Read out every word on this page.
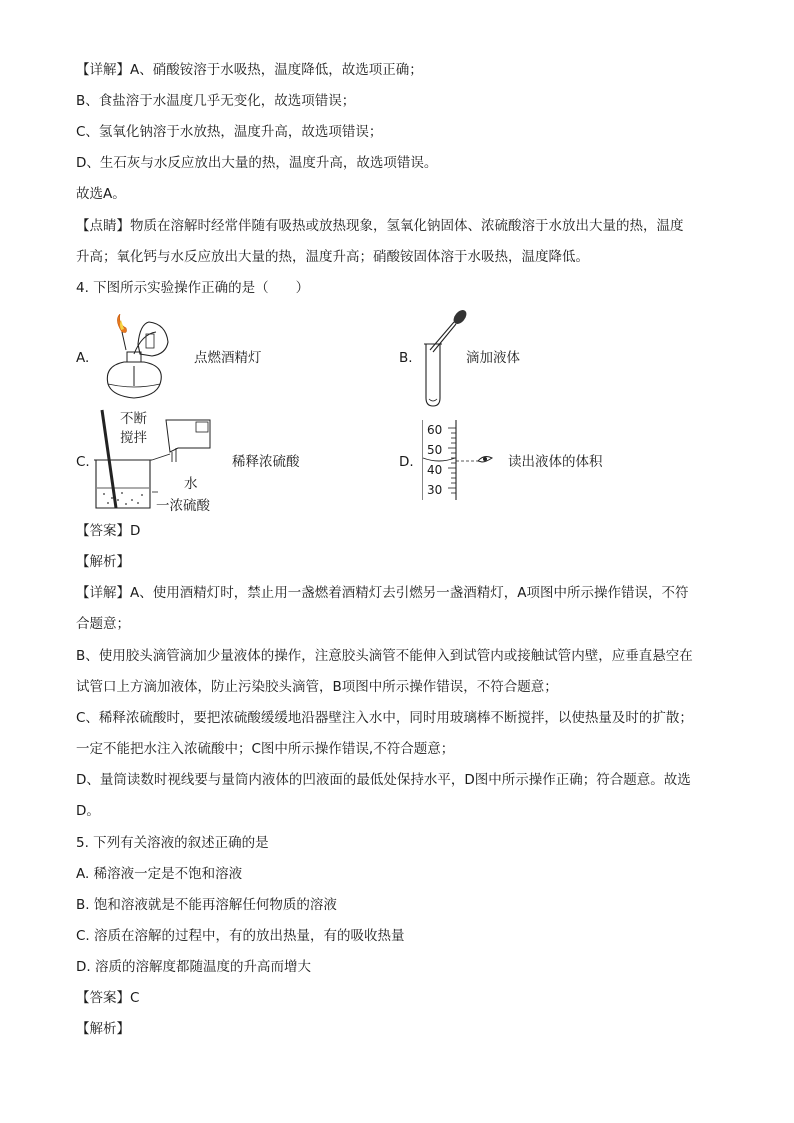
【详解】A、硝酸铵溶于水吸热，温度降低，故选项正确；
B、食盐溶于水温度几乎无变化，故选项错误；
C、氢氧化钠溶于水放热，温度升高，故选项错误；
D、生石灰与水反应放出大量的热，温度升高，故选项错误。
故选A。
【点睛】物质在溶解时经常伴随有吸热或放热现象，氢氧化钠固体、浓硫酸溶于水放出大量的热，温度
升高；氧化钙与水反应放出大量的热，温度升高；硝酸铵固体溶于水吸热，温度降低。
4. 下图所示实验操作正确的是（　　）
A.	点燃酒精灯	B.	滴加液体
C.
不断
搅拌
水
一浓硫酸
稀释浓硫酸	D.
60
50
40
30
读出液体的体积
【答案】D
【解析】
【详解】A、使用酒精灯时，禁止用一盏燃着酒精灯去引燃另一盏酒精灯，A项图中所示操作错误，不符
合题意；
B、使用胶头滴管滴加少量液体的操作，注意胶头滴管不能伸入到试管内或接触试管内壁，应垂直悬空在
试管口上方滴加液体，防止污染胶头滴管，B项图中所示操作错误，不符合题意；
C、稀释浓硫酸时，要把浓硫酸缓缓地沿器壁注入水中，同时用玻璃棒不断搅拌，以使热量及时的扩散；
一定不能把水注入浓硫酸中；C图中所示操作错误,不符合题意；
D、量筒读数时视线要与量筒内液体的凹液面的最低处保持水平，D图中所示操作正确；符合题意。故选
D。
5. 下列有关溶液的叙述正确的是
A. 稀溶液一定是不饱和溶液
B. 饱和溶液就是不能再溶解任何物质的溶液
C. 溶质在溶解的过程中，有的放出热量，有的吸收热量
D. 溶质的溶解度都随温度的升高而增大
【答案】C
【解析】
